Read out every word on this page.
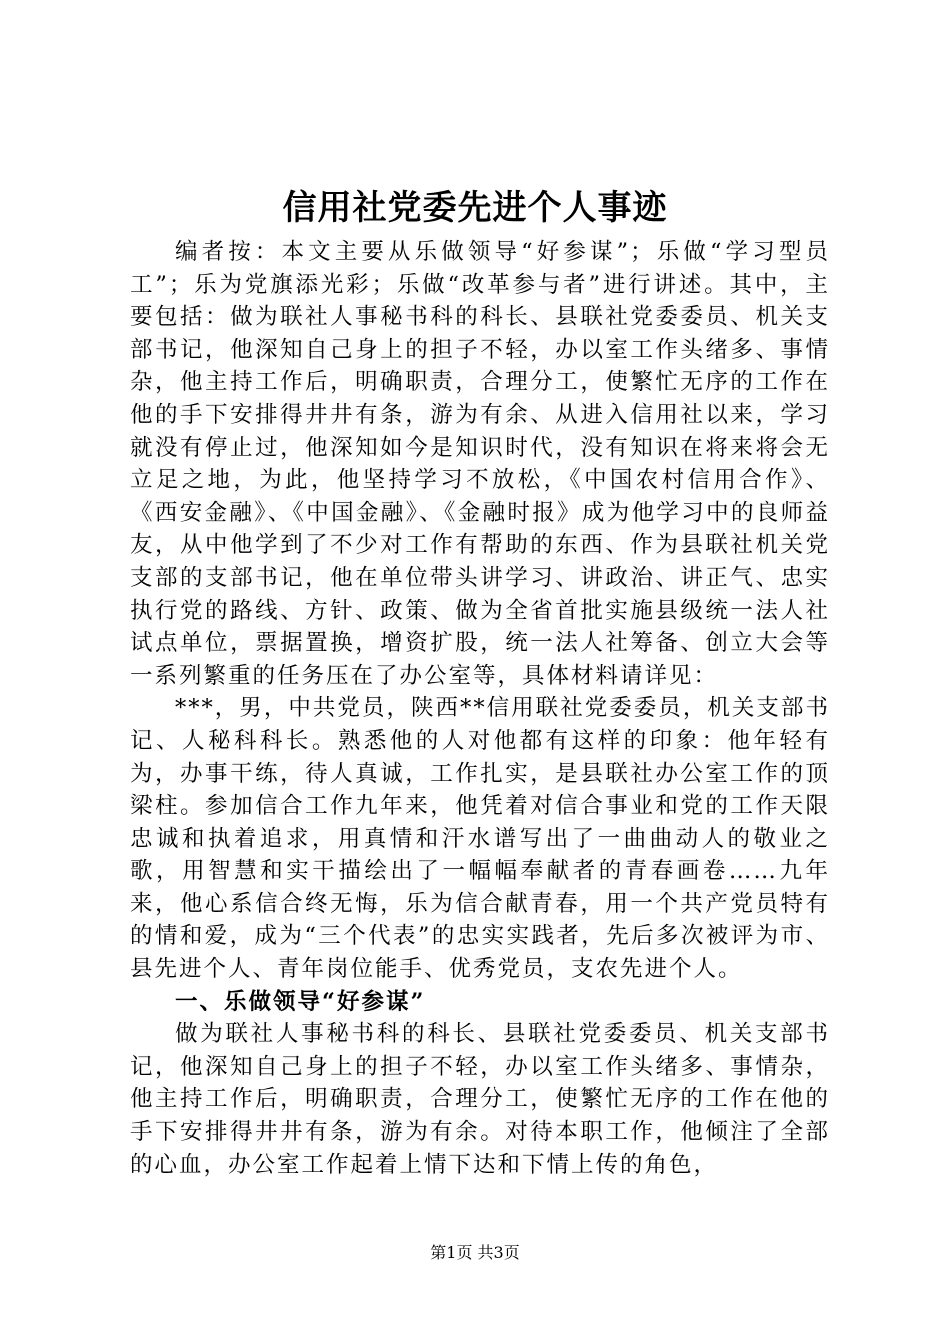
信用社党委先进个人事迹

编者按：本文主要从乐做领导“好参谋”；乐做“学习型员工”；乐为党旗添光彩；乐做“改革参与者”进行讲述。其中，主要包括：做为联社人事秘书科的科长、县联社党委委员、机关支部书记，他深知自己身上的担子不轻，办以室工作头绪多、事情杂，他主持工作后，明确职责，合理分工，使繁忙无序的工作在他的手下安排得井井有条，游为有余、从进入信用社以来，学习就没有停止过，他深知如今是知识时代，没有知识在将来将会无立足之地，为此，他坚持学习不放松，《中国农村信用合作》、《西安金融》、《中国金融》、《金融时报》成为他学习中的良师益友，从中他学到了不少对工作有帮助的东西、作为县联社机关党支部的支部书记，他在单位带头讲学习、讲政治、讲正气、忠实执行党的路线、方针、政策、做为全省首批实施县级统一法人社试点单位，票据置换，增资扩股，统一法人社筹备、创立大会等一系列繁重的任务压在了办公室等，具体材料请详见：

***，男，中共党员，陕西**信用联社党委委员，机关支部书记、人秘科科长。熟悉他的人对他都有这样的印象：他年轻有为，办事干练，待人真诚，工作扎实，是县联社办公室工作的顶梁柱。参加信合工作九年来，他凭着对信合事业和党的工作天限忠诚和执着追求，用真情和汗水谱写出了一曲曲动人的敬业之歌，用智慧和实干描绘出了一幅幅奉献者的青春画卷……九年来，他心系信合终无悔，乐为信合献青春，用一个共产党员特有的情和爱，成为“三个代表”的忠实实践者，先后多次被评为市、县先进个人、青年岗位能手、优秀党员，支农先进个人。

一、乐做领导“好参谋”

做为联社人事秘书科的科长、县联社党委委员、机关支部书记，他深知自己身上的担子不轻，办以室工作头绪多、事情杂，他主持工作后，明确职责，合理分工，使繁忙无序的工作在他的手下安排得井井有条，游为有余。对待本职工作，他倾注了全部的心血，办公室工作起着上情下达和下情上传的角色，

第1页 共3页
